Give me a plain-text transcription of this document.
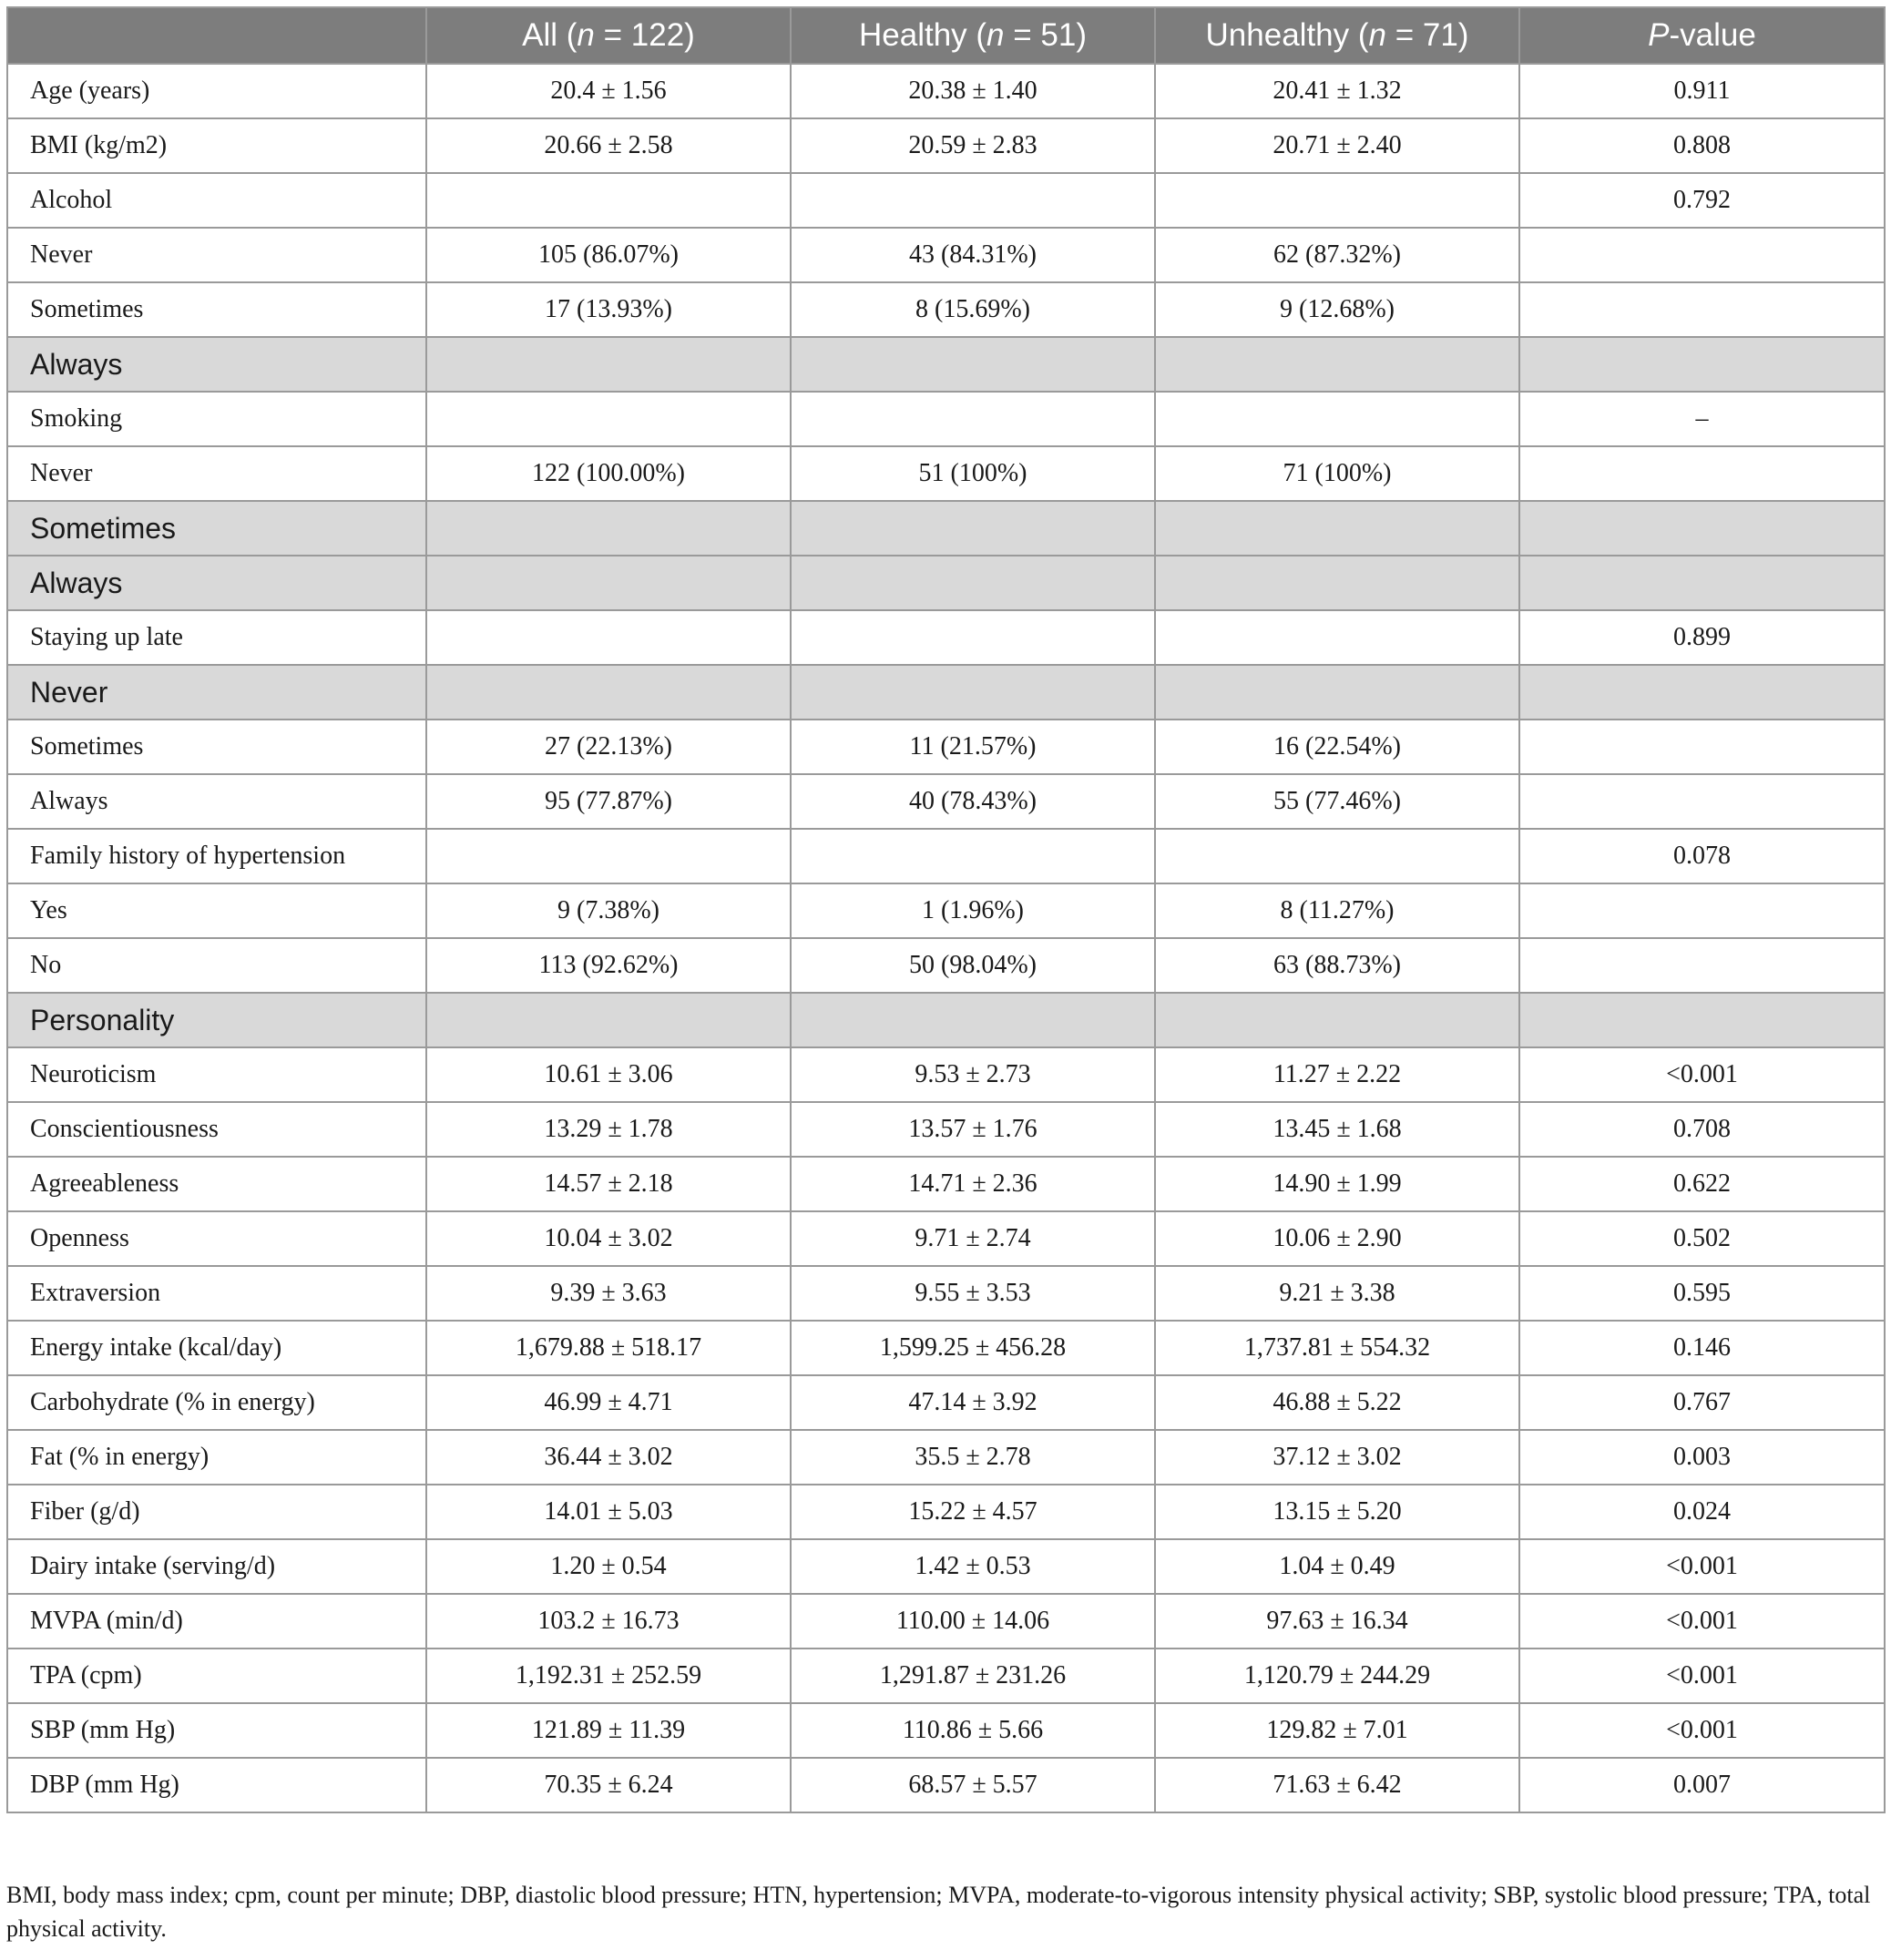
	All (n = 122)	Healthy (n = 51)	Unhealthy (n = 71)	P-value
Age (years)	20.4 ± 1.56	20.38 ± 1.40	20.41 ± 1.32	0.911
BMI (kg/m2)	20.66 ± 2.58	20.59 ± 2.83	20.71 ± 2.40	0.808
Alcohol				0.792
Never	105 (86.07%)	43 (84.31%)	62 (87.32%)	
Sometimes	17 (13.93%)	8 (15.69%)	9 (12.68%)	
Always				
Smoking				–
Never	122 (100.00%)	51 (100%)	71 (100%)	
Sometimes				
Always				
Staying up late				0.899
Never				
Sometimes	27 (22.13%)	11 (21.57%)	16 (22.54%)	
Always	95 (77.87%)	40 (78.43%)	55 (77.46%)	
Family history of hypertension				0.078
Yes	9 (7.38%)	1 (1.96%)	8 (11.27%)	
No	113 (92.62%)	50 (98.04%)	63 (88.73%)	
Personality				
Neuroticism	10.61 ± 3.06	9.53 ± 2.73	11.27 ± 2.22	<0.001
Conscientiousness	13.29 ± 1.78	13.57 ± 1.76	13.45 ± 1.68	0.708
Agreeableness	14.57 ± 2.18	14.71 ± 2.36	14.90 ± 1.99	0.622
Openness	10.04 ± 3.02	9.71 ± 2.74	10.06 ± 2.90	0.502
Extraversion	9.39 ± 3.63	9.55 ± 3.53	9.21 ± 3.38	0.595
Energy intake (kcal/day)	1,679.88 ± 518.17	1,599.25 ± 456.28	1,737.81 ± 554.32	0.146
Carbohydrate (% in energy)	46.99 ± 4.71	47.14 ± 3.92	46.88 ± 5.22	0.767
Fat (% in energy)	36.44 ± 3.02	35.5 ± 2.78	37.12 ± 3.02	0.003
Fiber (g/d)	14.01 ± 5.03	15.22 ± 4.57	13.15 ± 5.20	0.024
Dairy intake (serving/d)	1.20 ± 0.54	1.42 ± 0.53	1.04 ± 0.49	<0.001
MVPA (min/d)	103.2 ± 16.73	110.00 ± 14.06	97.63 ± 16.34	<0.001
TPA (cpm)	1,192.31 ± 252.59	1,291.87 ± 231.26	1,120.79 ± 244.29	<0.001
SBP (mm Hg)	121.89 ± 11.39	110.86 ± 5.66	129.82 ± 7.01	<0.001
DBP (mm Hg)	70.35 ± 6.24	68.57 ± 5.57	71.63 ± 6.42	0.007
BMI, body mass index; cpm, count per minute; DBP, diastolic blood pressure; HTN, hypertension; MVPA, moderate-to-vigorous intensity physical activity; SBP, systolic blood pressure; TPA, total physical activity.
